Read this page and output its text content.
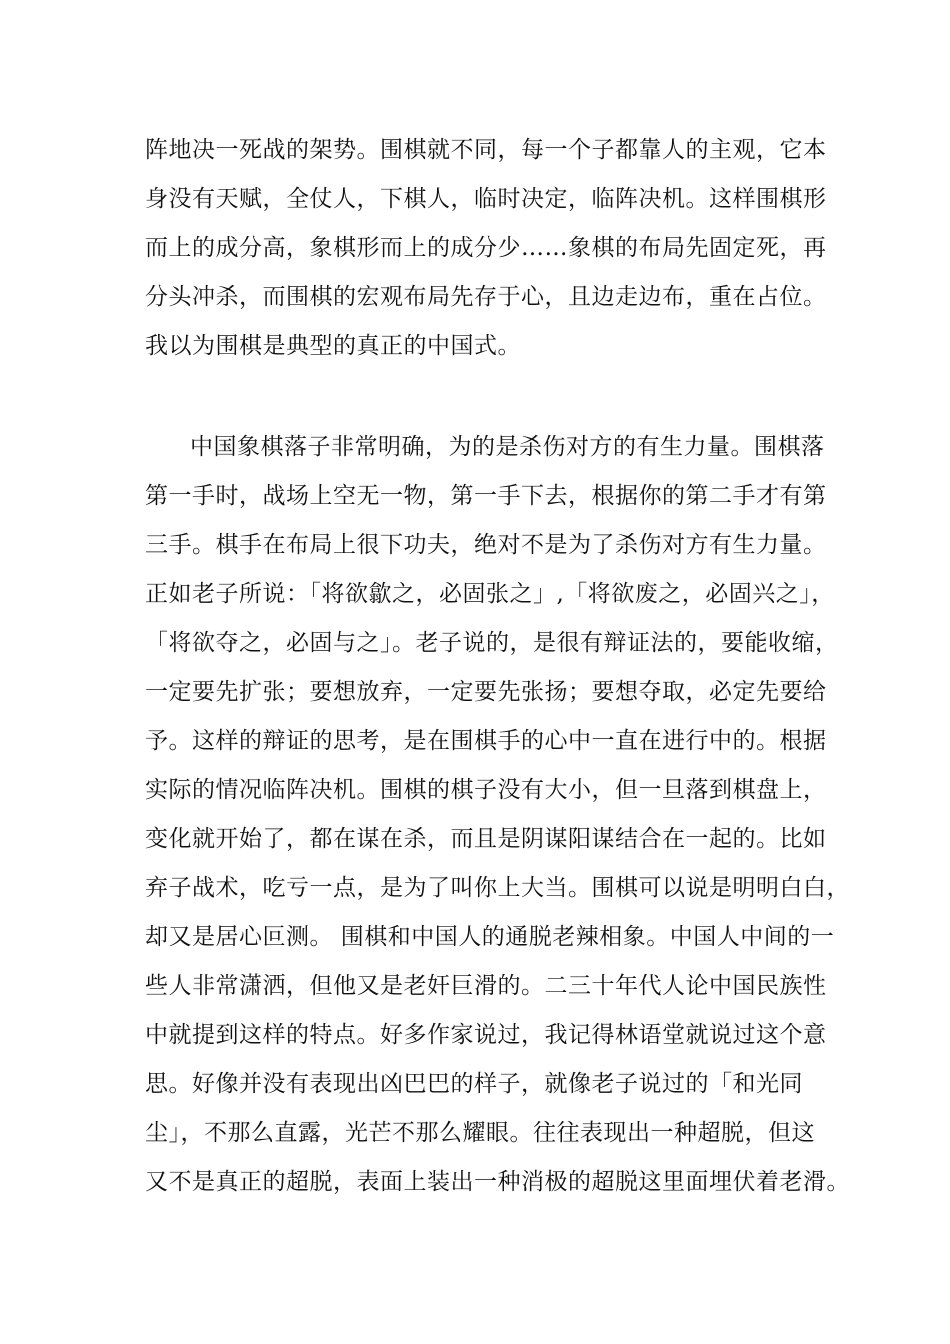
阵地决一死战的架势。围棋就不同，每一个子都靠人的主观，它本
身没有天赋，全仗人，下棋人，临时决定，临阵决机。这样围棋形
而上的成分高，象棋形而上的成分少……象棋的布局先固定死，再
分头冲杀，而围棋的宏观布局先存于心，且边走边布，重在占位。
我以为围棋是典型的真正的中国式。
中国象棋落子非常明确，为的是杀伤对方的有生力量。围棋落
第一手时，战场上空无一物，第一手下去，根据你的第二手才有第
三手。棋手在布局上很下功夫，绝对不是为了杀伤对方有生力量。
正如老子所说：「将欲歙之，必固张之」,「将欲废之，必固兴之」，
「将欲夺之，必固与之」。老子说的，是很有辩证法的，要能收缩，
一定要先扩张；要想放弃，一定要先张扬；要想夺取，必定先要给
予。这样的辩证的思考，是在围棋手的心中一直在进行中的。根据
实际的情况临阵决机。围棋的棋子没有大小，但一旦落到棋盘上，
变化就开始了，都在谋在杀，而且是阴谋阳谋结合在一起的。比如
弃子战术，吃亏一点，是为了叫你上大当。围棋可以说是明明白白，
却又是居心叵测。 围棋和中国人的通脱老辣相象。中国人中间的一
些人非常潇洒，但他又是老奸巨滑的。二三十年代人论中国民族性
中就提到这样的特点。好多作家说过，我记得林语堂就说过这个意
思。好像并没有表现出凶巴巴的样子，就像老子说过的「和光同
尘」，不那么直露，光芒不那么耀眼。往往表现出一种超脱，但这
又不是真正的超脱，表面上装出一种消极的超脱这里面埋伏着老滑。
